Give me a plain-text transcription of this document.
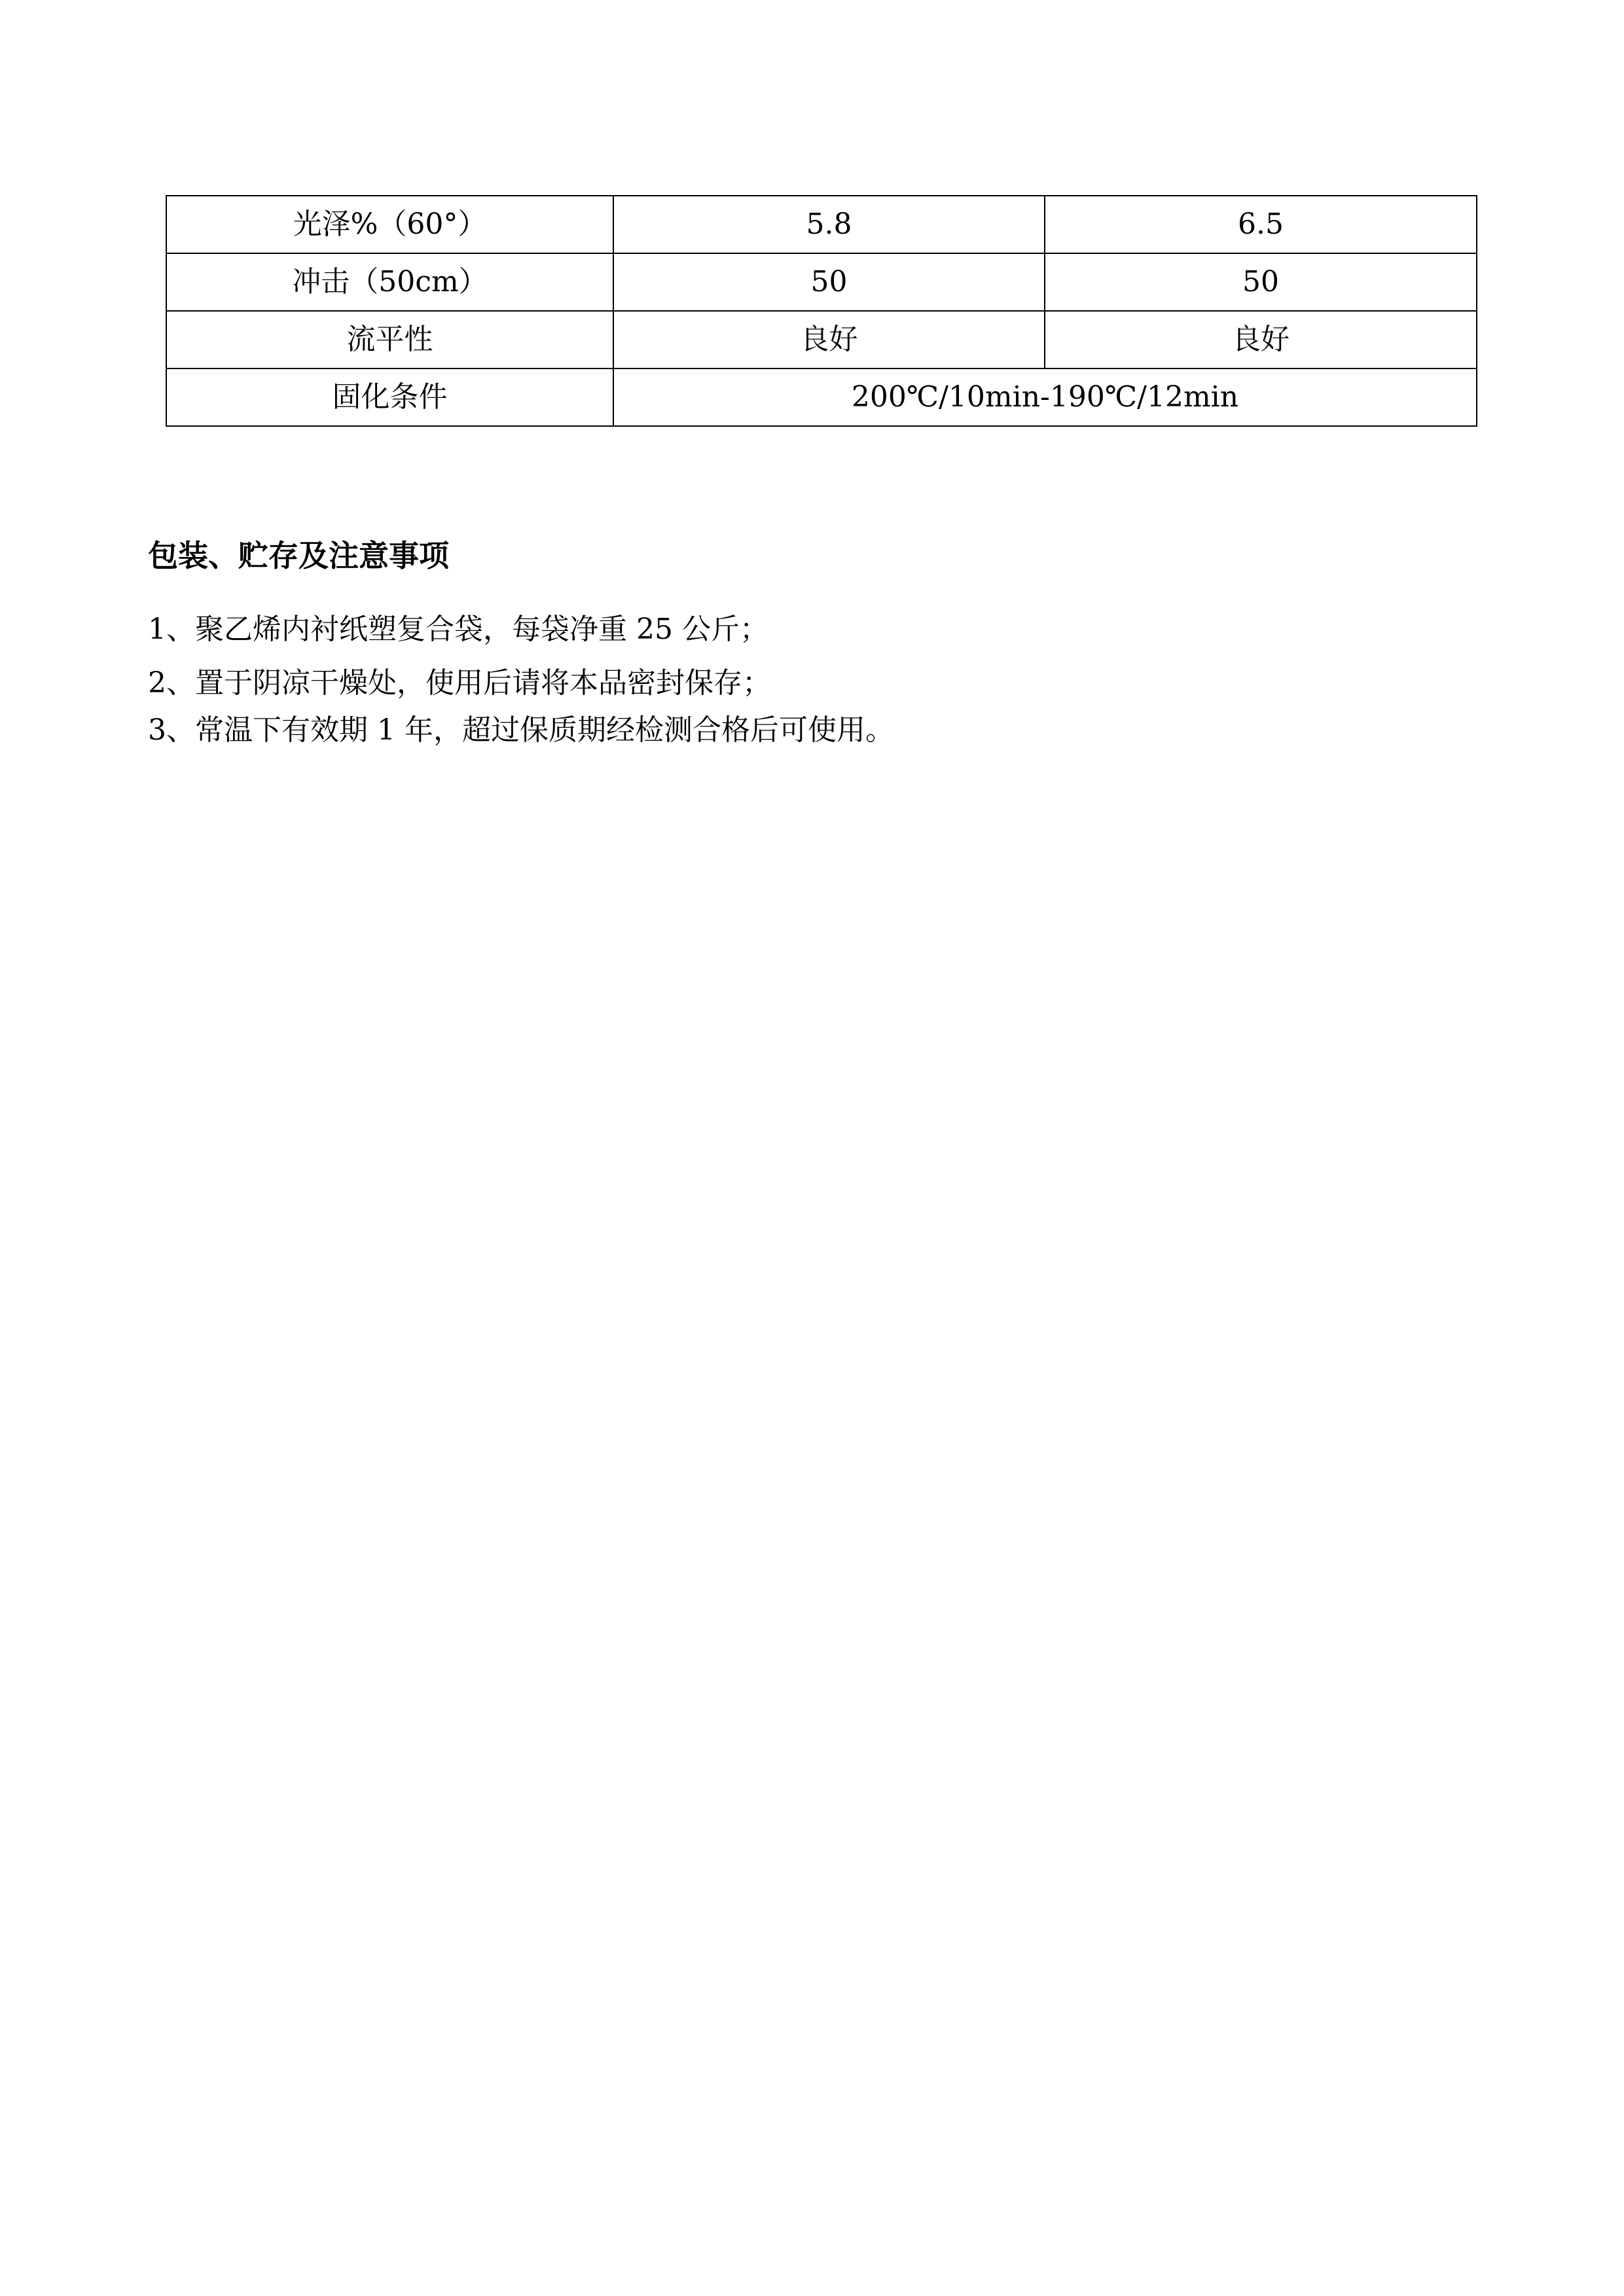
光泽%（60°）	5.8	6.5
冲击（50cm）	50	50
流平性	良好	良好
固化条件	200℃/10min-190℃/12min	
包装、贮存及注意事项
1、聚乙烯内衬纸塑复合袋，每袋净重 25 公斤；
2、置于阴凉干燥处，使用后请将本品密封保存；
3、常温下有效期 1 年，超过保质期经检测合格后可使用。
